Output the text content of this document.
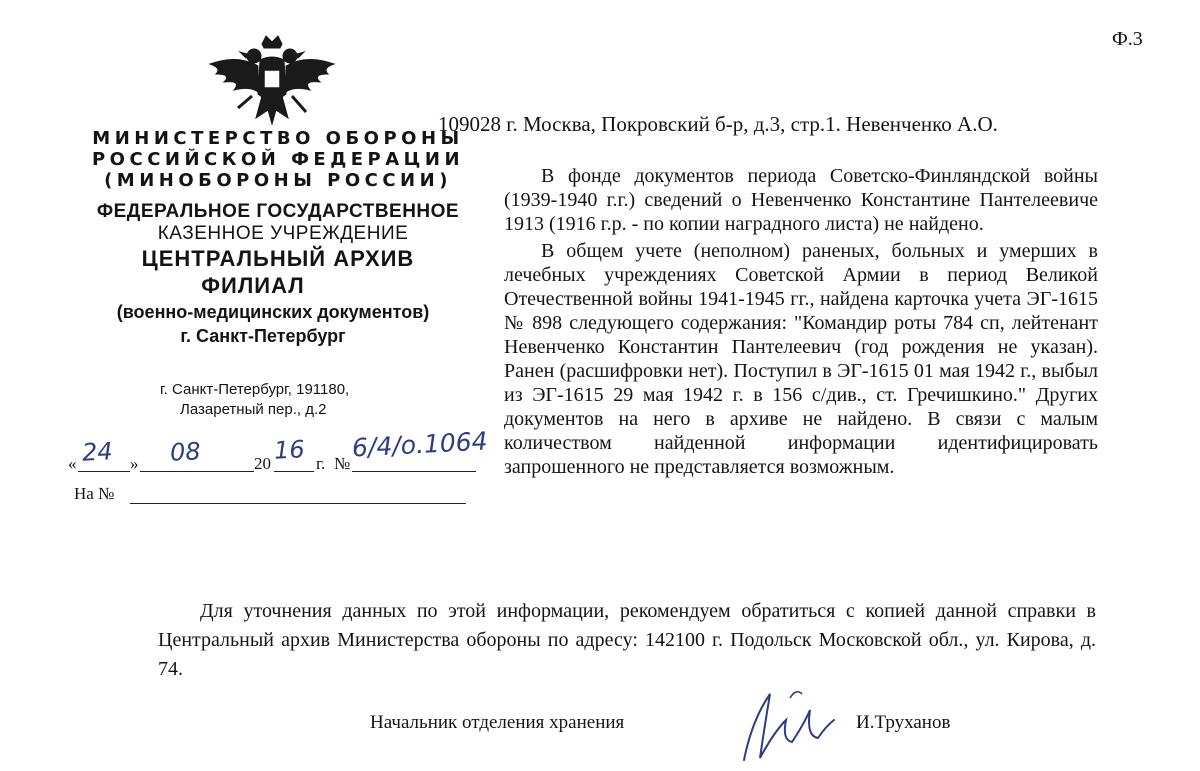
Ф.3
МИНИСТЕРСТВО ОБОРОНЫ
РОССИЙСКОЙ ФЕДЕРАЦИИ
(МИНОБОРОНЫ РОССИИ)
ФЕДЕРАЛЬНОЕ ГОСУДАРСТВЕННОЕ
КАЗЕННОЕ УЧРЕЖДЕНИЕ
ЦЕНТРАЛЬНЫЙ АРХИВ
ФИЛИАЛ
(военно-медицинских документов)
г. Санкт-Петербург
г. Санкт-Петербург, 191180,
Лазаретный пер., д.2
«	»	20	г. №
24 08	16 6/4/о.1064
На №
109028 г. Москва, Покровский б-р, д.3, стр.1. Невенченко А.О.

В фонде документов периода Советско-Финляндской войны (1939-1940 г.г.) сведений о Невенченко Константине Пантелеевиче 1913 (1916 г.р. - по копии наградного листа) не найдено.

В общем учете (неполном) раненых, больных и умерших в лечебных учреждениях Советской Армии в период Великой Отечественной войны 1941-1945 гг., найдена карточка учета ЭГ-1615 № 898 следующего содержания: "Командир роты 784 сп, лейтенант Невенченко Константин Пантелеевич (год рождения не указан). Ранен (расшифровки нет). Поступил в ЭГ-1615 01 мая 1942 г., выбыл из ЭГ-1615 29 мая 1942 г. в 156 с/див., ст. Гречишкино." Других документов на него в архиве не найдено. В связи с малым количеством найденной информации идентифицировать запрошенного не представляется возможным.

Для уточнения данных по этой информации, рекомендуем обратиться с копией данной справки в Центральный архив Министерства обороны по адресу: 142100 г. Подольск Московской обл., ул. Кирова, д. 74.
Начальник отделения хранения	И.Труханов
